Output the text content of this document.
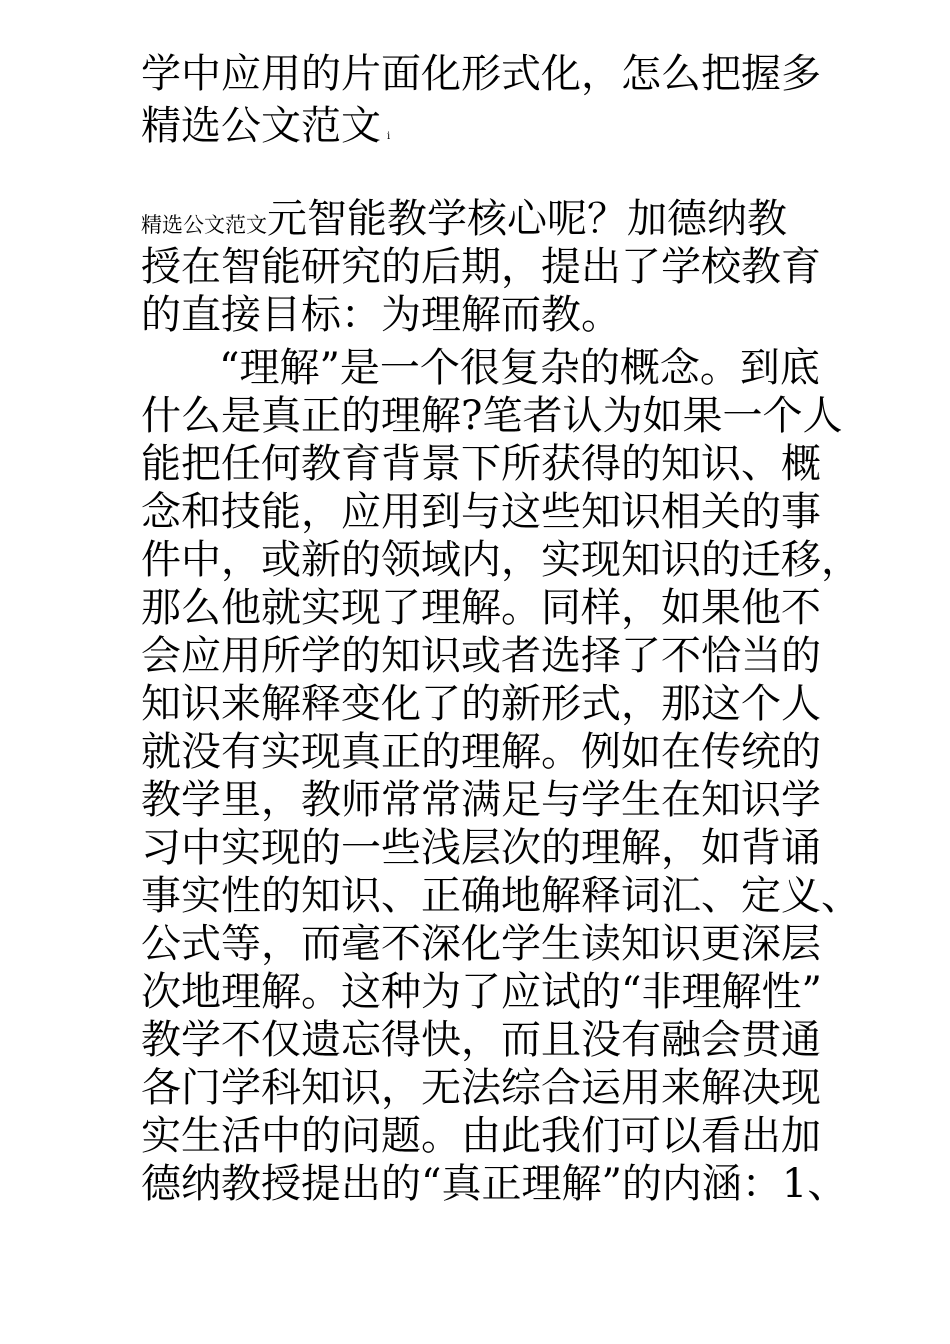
学中应用的片面化形式化，怎么把握多
精选公文范文 i
精选公文范文元智能教学核心呢？加德纳教
授在智能研究的后期，提出了学校教育
的直接目标：为理解而教。
“理解”是一个很复杂的概念。到底
什么是真正的理解?笔者认为如果一个人
能把任何教育背景下所获得的知识、概
念和技能，应用到与这些知识相关的事
件中，或新的领域内，实现知识的迁移，
那么他就实现了理解。同样，如果他不
会应用所学的知识或者选择了不恰当的
知识来解释变化了的新形式，那这个人
就没有实现真正的理解。例如在传统的
教学里，教师常常满足与学生在知识学
习中实现的一些浅层次的理解，如背诵
事实性的知识、正确地解释词汇、定义、
公式等，而毫不深化学生读知识更深层
次地理解。这种为了应试的“非理解性”
教学不仅遗忘得快，而且没有融会贯通
各门学科知识，无法综合运用来解决现
实生活中的问题。由此我们可以看出加
德纳教授提出的“真正理解”的内涵：1、
